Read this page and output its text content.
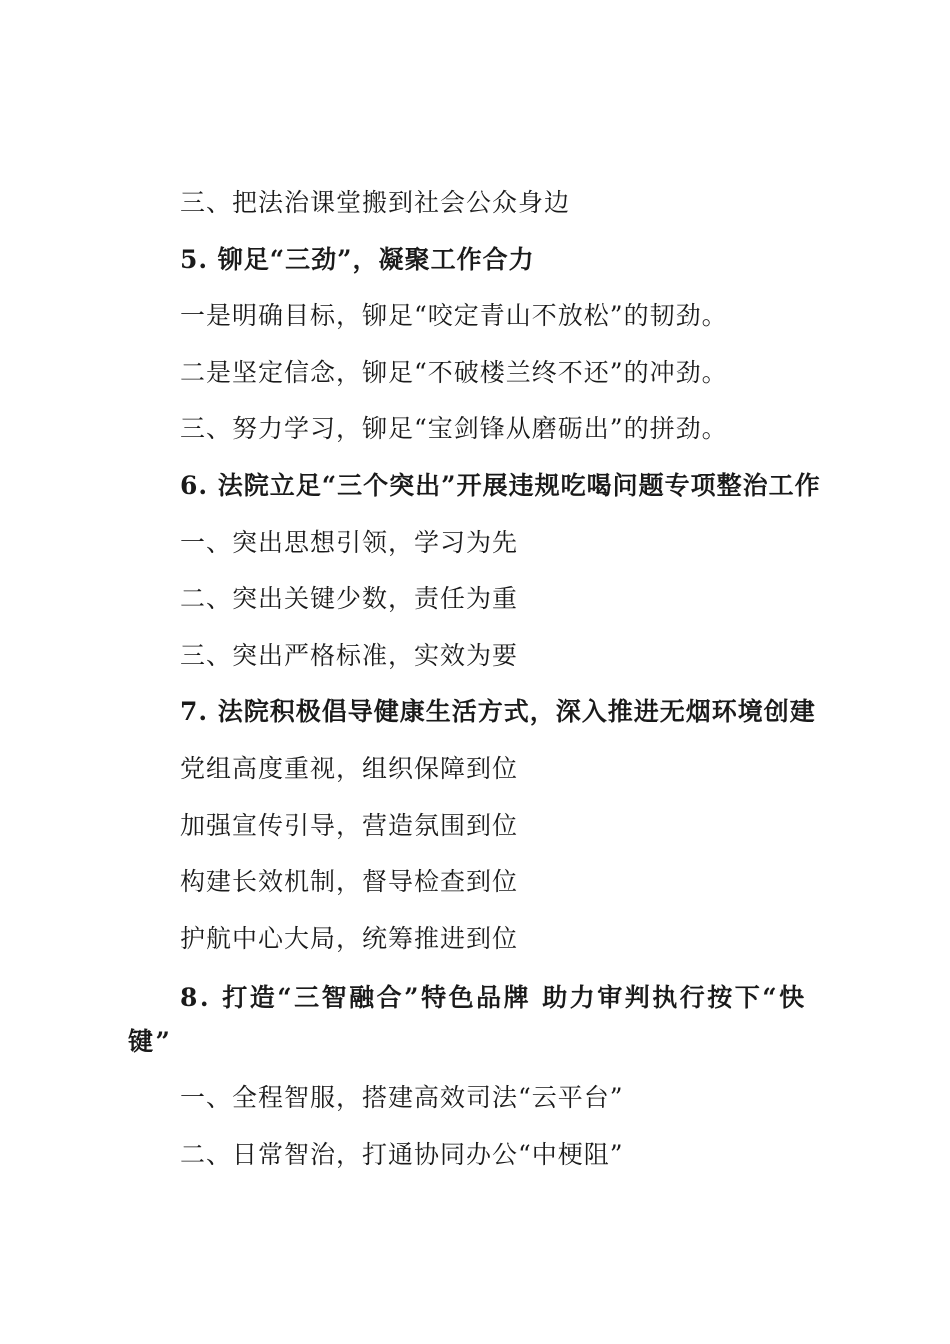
三、把法治课堂搬到社会公众身边
5. 铆足“三劲”，凝聚工作合力
一是明确目标，铆足“咬定青山不放松”的韧劲。
二是坚定信念，铆足“不破楼兰终不还”的冲劲。
三、努力学习，铆足“宝剑锋从磨砺出”的拼劲。
6. 法院立足“三个突出”开展违规吃喝问题专项整治工作
一、突出思想引领，学习为先
二、突出关键少数，责任为重
三、突出严格标准，实效为要
7. 法院积极倡导健康生活方式，深入推进无烟环境创建
党组高度重视，组织保障到位
加强宣传引导，营造氛围到位
构建长效机制，督导检查到位
护航中心大局，统筹推进到位
8. 打造“三智融合”特色品牌 助力审判执行按下“快键”
一、全程智服，搭建高效司法“云平台”
二、日常智治，打通协同办公“中梗阻”
